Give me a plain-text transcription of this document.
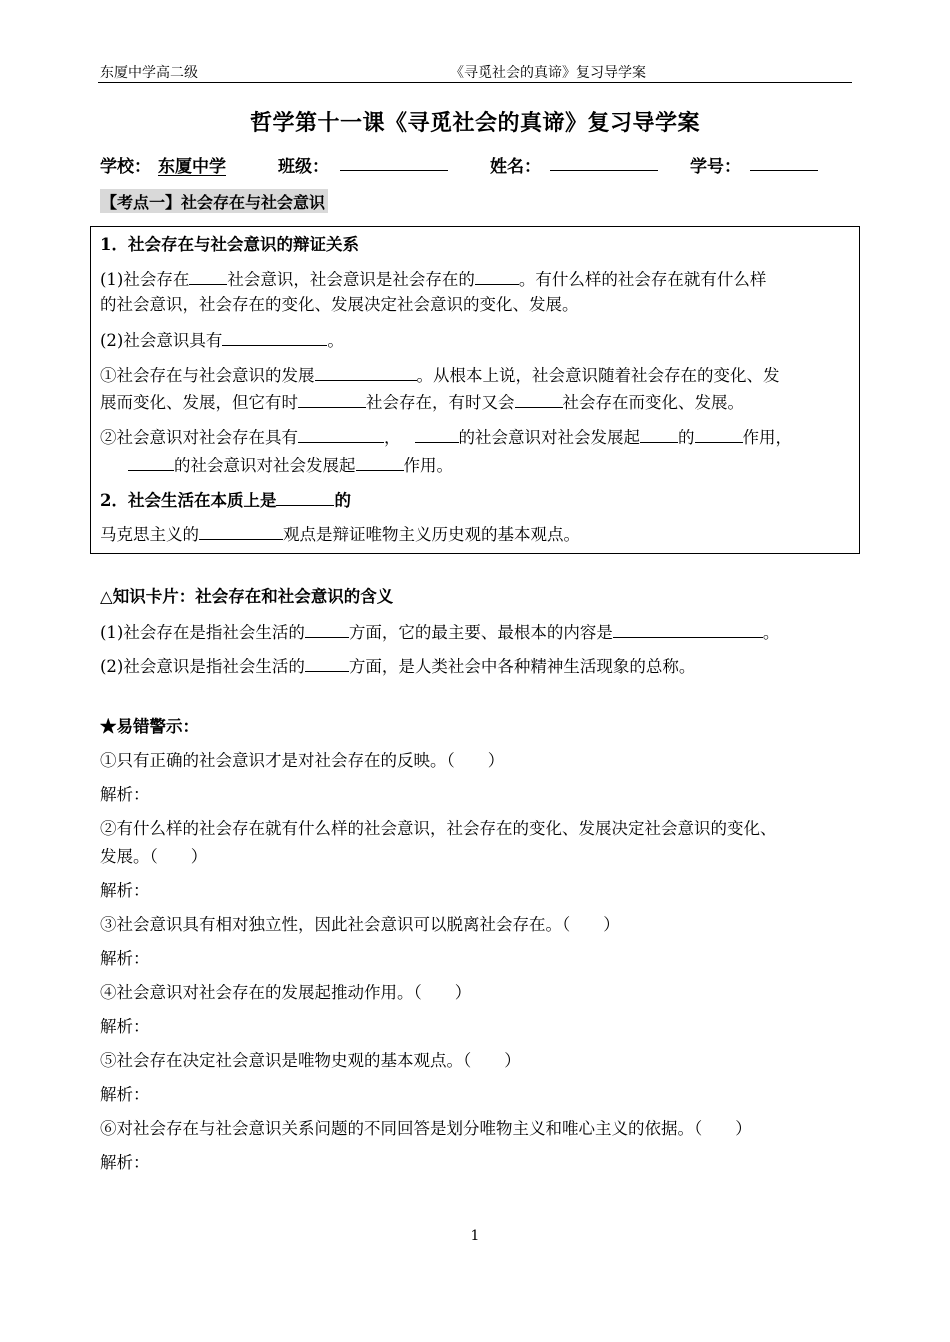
东厦中学高二级	《寻觅社会的真谛》复习导学案
哲学第十一课《寻觅社会的真谛》复习导学案
学校： 东厦中学	班级：	姓名：	学号：
【考点一】社会存在与社会意识
1．社会存在与社会意识的辩证关系
(1)社会存在 社会意识，社会意识是社会存在的	。有什么样的社会存在就有什么样
的社会意识，社会存在的变化、发展决定社会意识的变化、发展。
(2)社会意识具有	。
①社会存在与社会意识的发展	。从根本上说，社会意识随着社会存在的变化、发
展而变化、发展，但它有时	社会存在，有时又会	社会存在而变化、发展。
②社会意识对社会存在具有	，	的社会意识对社会发展起 的	作用，
的社会意识对社会发展起	作用。
2．社会生活在本质上是	的
马克思主义的	观点是辩证唯物主义历史观的基本观点。
△知识卡片：社会存在和社会意识的含义
(1)社会存在是指社会生活的	方面，它的最主要、最根本的内容是	。
(2)社会意识是指社会生活的	方面，是人类社会中各种精神生活现象的总称。
★易错警示：
①只有正确的社会意识才是对社会存在的反映。（　　）
解析：
②有什么样的社会存在就有什么样的社会意识，社会存在的变化、发展决定社会意识的变化、
发展。（　　）
解析：
③社会意识具有相对独立性，因此社会意识可以脱离社会存在。（　　）
解析：
④社会意识对社会存在的发展起推动作用。（　　）
解析：
⑤社会存在决定社会意识是唯物史观的基本观点。（　　）
解析：
⑥对社会存在与社会意识关系问题的不同回答是划分唯物主义和唯心主义的依据。（　　）
解析：
1
